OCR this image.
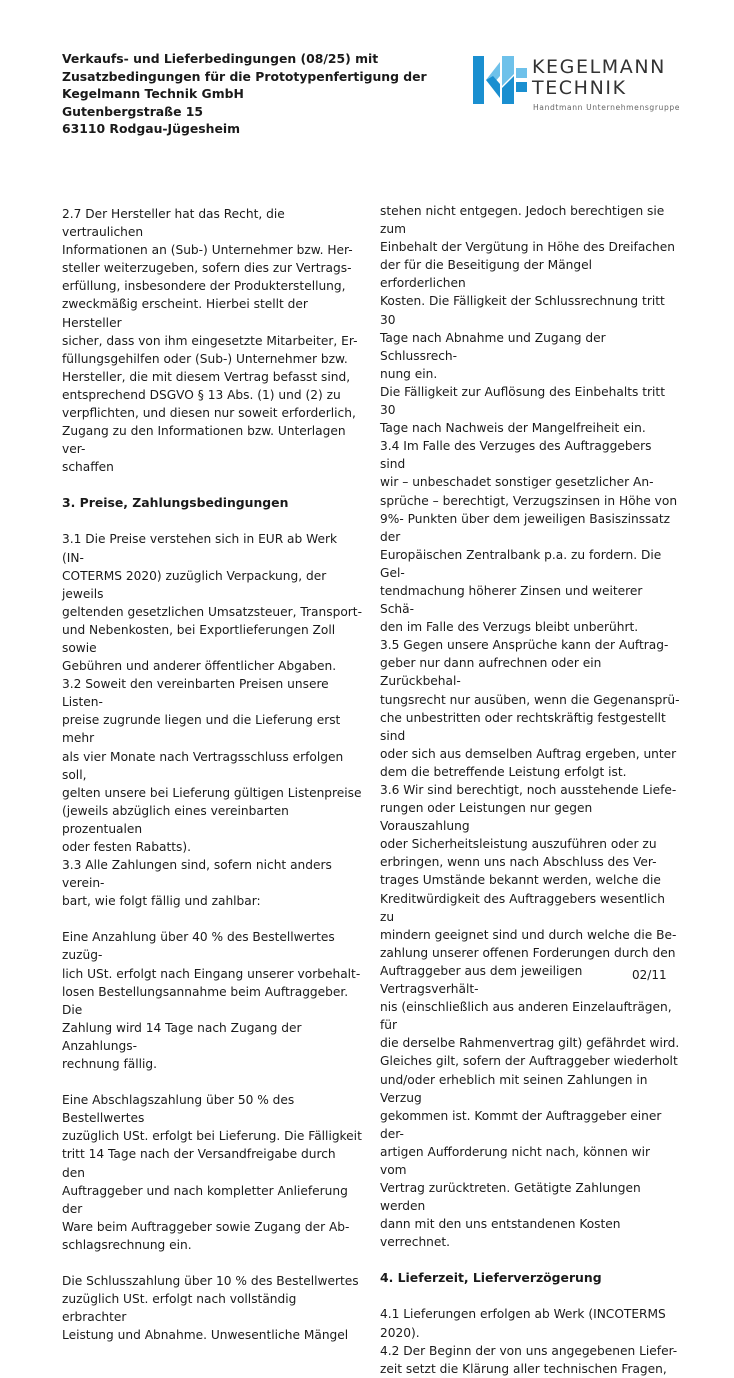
Verkaufs- und Lieferbedingungen (08/25) mit
Zusatzbedingungen für die Prototypenfertigung der
Kegelmann Technik GmbH
Gutenbergstraße 15
63110 Rodgau-Jügesheim
KEGELMANN
TECHNIK
Handtmann Unternehmensgruppe

2.7 Der Hersteller hat das Recht, die vertraulichen
Informationen an (Sub-) Unternehmer bzw. Her-
steller weiterzugeben, sofern dies zur Vertrags-
erfüllung, insbesondere der Produkterstellung,
zweckmäßig erscheint. Hierbei stellt der Hersteller
sicher, dass von ihm eingesetzte Mitarbeiter, Er-
füllungsgehilfen oder (Sub-) Unternehmer bzw.
Hersteller, die mit diesem Vertrag befasst sind,
entsprechend DSGVO § 13 Abs. (1) und (2) zu
verpflichten, und diesen nur soweit erforderlich,
Zugang zu den Informationen bzw. Unterlagen ver-
schaffen

3. Preise, Zahlungsbedingungen

3.1 Die Preise verstehen sich in EUR ab Werk (IN-
COTERMS 2020) zuzüglich Verpackung, der jeweils
geltenden gesetzlichen Umsatzsteuer, Transport-
und Nebenkosten, bei Exportlieferungen Zoll sowie
Gebühren und anderer öffentlicher Abgaben.
3.2 Soweit den vereinbarten Preisen unsere Listen-
preise zugrunde liegen und die Lieferung erst mehr
als vier Monate nach Vertragsschluss erfolgen soll,
gelten unsere bei Lieferung gültigen Listenpreise
(jeweils abzüglich eines vereinbarten prozentualen
oder festen Rabatts).
3.3 Alle Zahlungen sind, sofern nicht anders verein-
bart, wie folgt fällig und zahlbar:

Eine Anzahlung über 40 % des Bestellwertes zuzüg-
lich USt. erfolgt nach Eingang unserer vorbehalt-
losen Bestellungsannahme beim Auftraggeber. Die
Zahlung wird 14 Tage nach Zugang der Anzahlungs-
rechnung fällig.

Eine Abschlagszahlung über 50 % des Bestellwertes
zuzüglich USt. erfolgt bei Lieferung. Die Fälligkeit
tritt 14 Tage nach der Versandfreigabe durch den
Auftraggeber und nach kompletter Anlieferung der
Ware beim Auftraggeber sowie Zugang der Ab-
schlagsrechnung ein.

Die Schlusszahlung über 10 % des Bestellwertes
zuzüglich USt. erfolgt nach vollständig erbrachter
Leistung und Abnahme. Unwesentliche Mängel

stehen nicht entgegen. Jedoch berechtigen sie zum
Einbehalt der Vergütung in Höhe des Dreifachen
der für die Beseitigung der Mängel erforderlichen
Kosten. Die Fälligkeit der Schlussrechnung tritt 30
Tage nach Abnahme und Zugang der Schlussrech-
nung ein.
Die Fälligkeit zur Auflösung des Einbehalts tritt 30
Tage nach Nachweis der Mangelfreiheit ein.
3.4 Im Falle des Verzuges des Auftraggebers sind
wir – unbeschadet sonstiger gesetzlicher An-
sprüche – berechtigt, Verzugszinsen in Höhe von
9%- Punkten über dem jeweiligen Basiszinssatz der
Europäischen Zentralbank p.a. zu fordern. Die Gel-
tendmachung höherer Zinsen und weiterer Schä-
den im Falle des Verzugs bleibt unberührt.
3.5 Gegen unsere Ansprüche kann der Auftrag-
geber nur dann aufrechnen oder ein Zurückbehal-
tungsrecht nur ausüben, wenn die Gegenansprü-
che unbestritten oder rechtskräftig festgestellt sind
oder sich aus demselben Auftrag ergeben, unter
dem die betreffende Leistung erfolgt ist.
3.6 Wir sind berechtigt, noch ausstehende Liefe-
rungen oder Leistungen nur gegen Vorauszahlung
oder Sicherheitsleistung auszuführen oder zu
erbringen, wenn uns nach Abschluss des Ver-
trages Umstände bekannt werden, welche die
Kreditwürdigkeit des Auftraggebers wesentlich zu
mindern geeignet sind und durch welche die Be-
zahlung unserer offenen Forderungen durch den
Auftraggeber aus dem jeweiligen Vertragsverhält-
nis (einschließlich aus anderen Einzelaufträgen, für
die derselbe Rahmenvertrag gilt) gefährdet wird.
Gleiches gilt, sofern der Auftraggeber wiederholt
und/oder erheblich mit seinen Zahlungen in Verzug
gekommen ist. Kommt der Auftraggeber einer der-
artigen Aufforderung nicht nach, können wir vom
Vertrag zurücktreten. Getätigte Zahlungen werden
dann mit den uns entstandenen Kosten verrechnet.

4. Lieferzeit, Lieferverzögerung

4.1 Lieferungen erfolgen ab Werk (INCOTERMS
2020).
4.2 Der Beginn der von uns angegebenen Liefer-
zeit setzt die Klärung aller technischen Fragen,

02/11
